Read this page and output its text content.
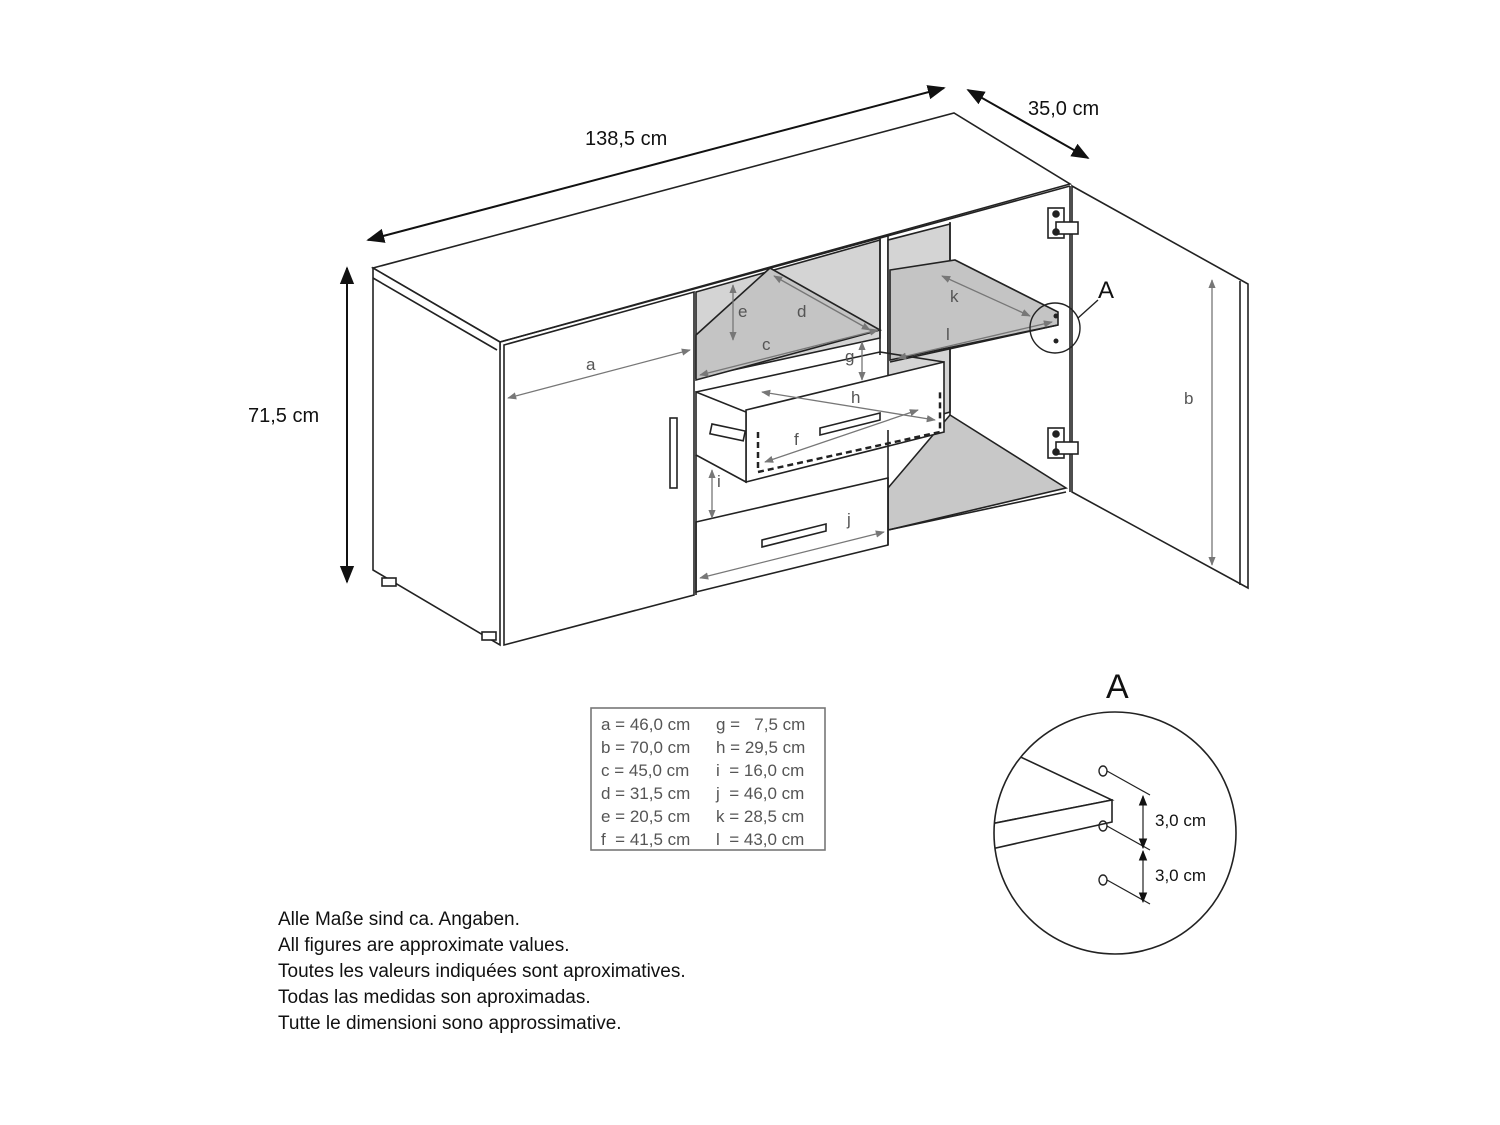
138,5 cm
35,0 cm
71,5 cm
a
b
c
d
e
f
g
h
i
j
k
l
A
a = 46,0 cm
b = 70,0 cm
c = 45,0 cm
d = 31,5 cm
e = 20,5 cm
f  = 41,5 cm
g =   7,5 cm
h = 29,5 cm
i  = 16,0 cm
j  = 46,0 cm
k = 28,5 cm
l  = 43,0 cm
A
3,0 cm
3,0 cm
Alle Maße sind ca. Angaben.
All figures are approximate values.
Toutes les valeurs indiquées sont aproximatives.
Todas las medidas son aproximadas.
Tutte le dimensioni sono approssimative.
